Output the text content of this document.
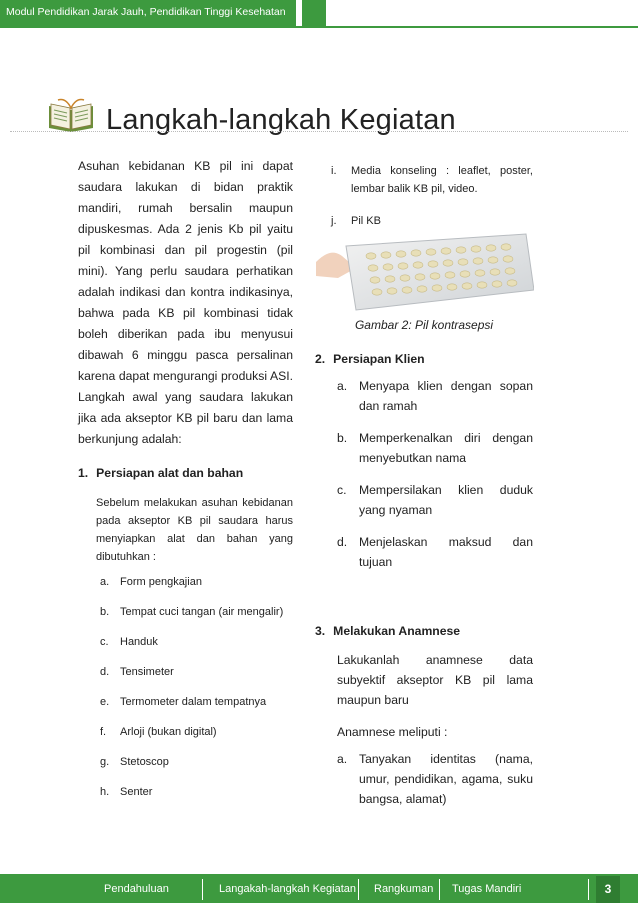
Modul Pendidikan Jarak Jauh, Pendidikan Tinggi Kesehatan
Langkah-langkah Kegiatan

Asuhan kebidanan KB pil ini dapat saudara lakukan di bidan praktik mandiri, rumah bersalin maupun dipuskesmas. Ada 2 jenis Kb pil yaitu pil kombinasi dan pil progestin (pil mini). Yang perlu saudara perhatikan adalah indikasi dan kontra indikasinya, bahwa pada KB pil kombinasi tidak boleh diberikan pada ibu menyusui dibawah 6 minggu pasca persalinan karena dapat mengurangi produksi ASI. Langkah awal yang saudara lakukan jika ada akseptor KB pil baru dan lama berkunjung adalah:

1. Persiapan alat dan bahan
Sebelum melakukan asuhan kebidanan pada akseptor KB pil saudara harus menyiapkan alat dan bahan yang dibutuhkan :
a. Form pengkajian
b. Tempat cuci tangan (air mengalir)
c.	Handuk
d. Tensimeter
e. Termometer dalam tempatnya
f.	Arloji (bukan digital)
g. Stetoscop
h. Senter
i.	Media konseling : leaflet, poster, lembar balik KB pil, video.
j.	Pil KB
Gambar 2: Pil kontrasepsi
2. Persiapan Klien
a. Menyapa klien dengan sopan dan ramah
b. Memperkenalkan diri dengan menyebutkan nama
c.	Mempersilakan klien duduk yang nyaman
d. Menjelaskan maksud dan tujuan
3. Melakukan Anamnese
Lakukanlah anamnese data subyektif akseptor KB pil lama maupun baru
Anamnese meliputi :
a. Tanyakan identitas (nama, umur, pendidikan, agama, suku bangsa, alamat)
Pendahuluan	Langakah-langkah Kegiatan Rangkuman Tugas Mandiri	3
